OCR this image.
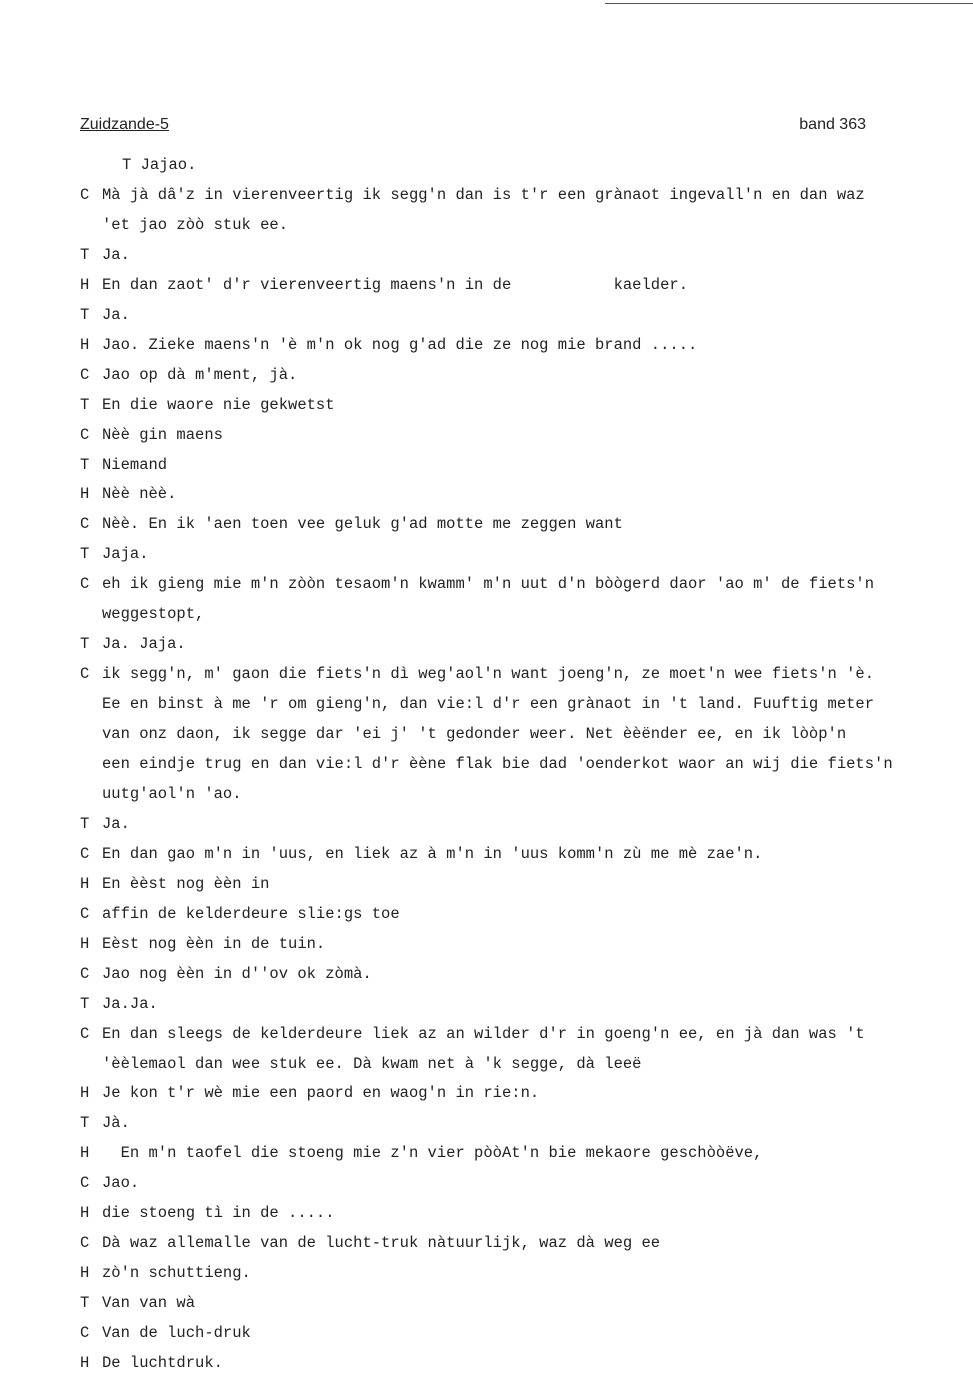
Zuidzande-5	band 363
T Jajao.
C Mà jà dâ'z in vierenveertig ik segg'n dan is t'r een grànaot ingevall'n en dan waz
'et jao zòò stuk ee.
T Ja.
H En dan zaot' d'r vierenveertig maens'n in de           kaelder.
T Ja.
H Jao. Zieke maens'n 'è m'n ok nog g'ad die ze nog mie brand .....
C Jao op dà m'ment, jà.
T En die waore nie gekwetst
C Nèè gin maens
T Niemand
H Nèè nèè.
C Nèè. En ik 'aen toen vee geluk g'ad motte me zeggen want
T Jaja.
C eh ik gieng mie m'n zòòn tesaom'n kwamm' m'n uut d'n bòògerd daor 'ao m' de fiets'n
weggestopt,
T Ja. Jaja.
C ik segg'n, m' gaon die fiets'n dì weg'aol'n want joeng'n, ze moet'n wee fiets'n 'è.
Ee en binst à me 'r om gieng'n, dan vie:l d'r een grànaot in 't land. Fuuftig meter
van onz daon, ik segge dar 'ei j' 't gedonder weer. Net èèënder ee, en ik lòòp'n
een eindje trug en dan vie:l d'r èène flak bie dad 'oenderkot waor an wij die fiets'n
uutg'aol'n 'ao.
T Ja.
C En dan gao m'n in 'uus, en liek az à m'n in 'uus komm'n zù me mè zae'n.
H En èèst nog èèn in
C affin de kelderdeure slie:gs toe
H Eèst nog èèn in de tuin.
C Jao nog èèn in d''ov ok zòmà.
T Ja.Ja.
C En dan sleegs de kelderdeure liek az an wilder d'r in goeng'n ee, en jà dan was 't
'èèlemaol dan wee stuk ee. Dà kwam net à 'k segge, dà leeë
H Je kon t'r wè mie een paord en waog'n in rie:n.
T Jà.
H  En m'n taofel die stoeng mie z'n vier pòòAt'n bie mekaore geschòòëve,
C Jao.
H die stoeng tì in de .....
C Dà waz allemalle van de lucht-truk nàtuurlijk, waz dà weg ee
H zò'n schuttieng.
T Van van wà
C Van de luch-druk
H De luchtdruk.
